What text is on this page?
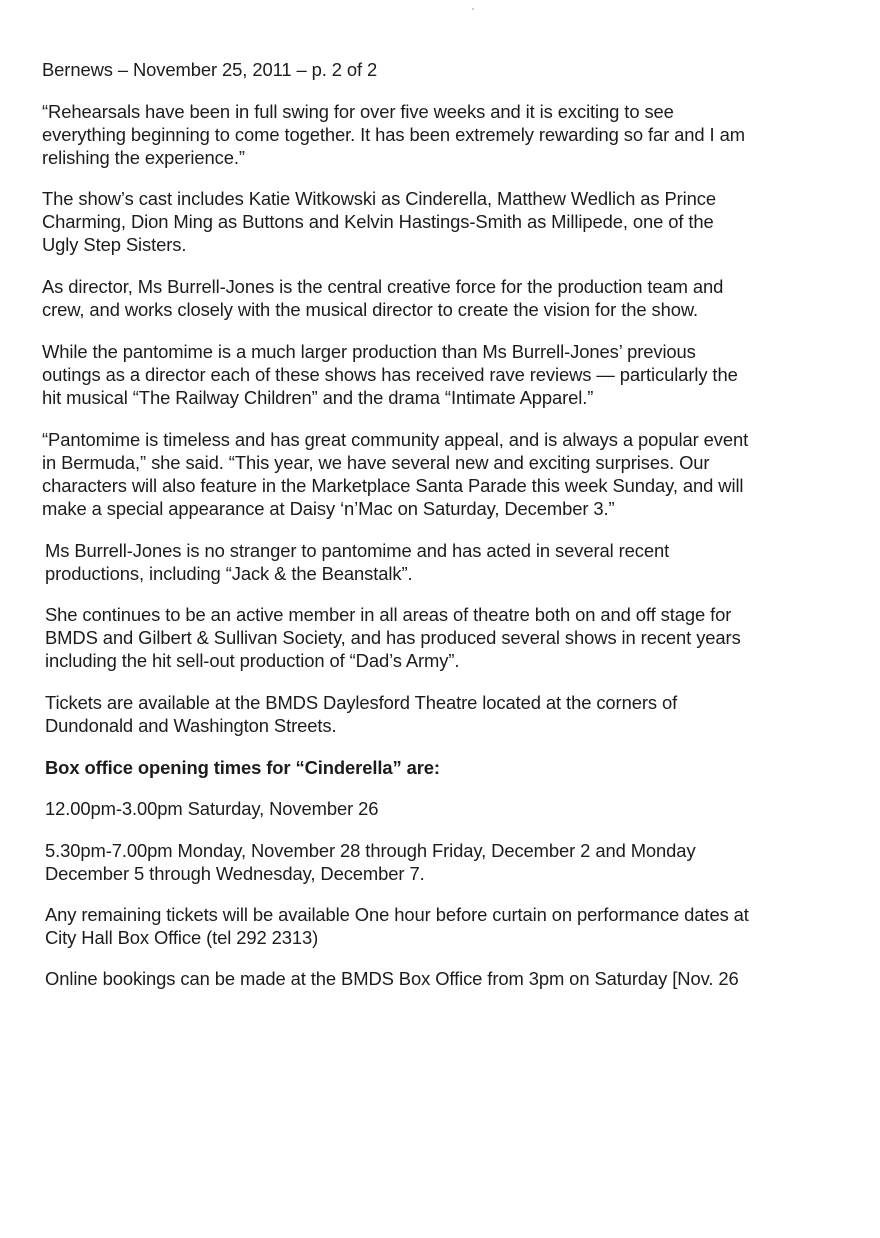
Bernews – November 25, 2011 – p. 2 of 2

“Rehearsals have been in full swing for over five weeks and it is exciting to see

everything beginning to come together. It has been extremely rewarding so far and I am

relishing the experience.”

The show’s cast includes Katie Witkowski as Cinderella, Matthew Wedlich as Prince

Charming, Dion Ming as Buttons and Kelvin Hastings-Smith as Millipede, one of the

Ugly Step Sisters.

As director, Ms Burrell-Jones is the central creative force for the production team and

crew, and works closely with the musical director to create the vision for the show.

While the pantomime is a much larger production than Ms Burrell-Jones’ previous

outings as a director each of these shows has received rave reviews — particularly the

hit musical “The Railway Children” and the drama “Intimate Apparel.”

“Pantomime is timeless and has great community appeal, and is always a popular event

in Bermuda,” she said. “This year, we have several new and exciting surprises. Our

characters will also feature in the Marketplace Santa Parade this week Sunday, and will

make a special appearance at Daisy ‘n’Mac on Saturday, December 3.”

Ms Burrell-Jones is no stranger to pantomime and has acted in several recent

productions, including “Jack & the Beanstalk”.

She continues to be an active member in all areas of theatre both on and off stage for

BMDS and Gilbert & Sullivan Society, and has produced several shows in recent years

including the hit sell-out production of “Dad’s Army”.

Tickets are available at the BMDS Daylesford Theatre located at the corners of

Dundonald and Washington Streets.

Box office opening times for “Cinderella” are:

12.00pm-3.00pm Saturday, November 26

5.30pm-7.00pm Monday, November 28 through Friday, December 2 and Monday

December 5 through Wednesday, December 7.

Any remaining tickets will be available One hour before curtain on performance dates at

City Hall Box Office (tel 292 2313)

Online bookings can be made at the BMDS Box Office from 3pm on Saturday [Nov. 26
